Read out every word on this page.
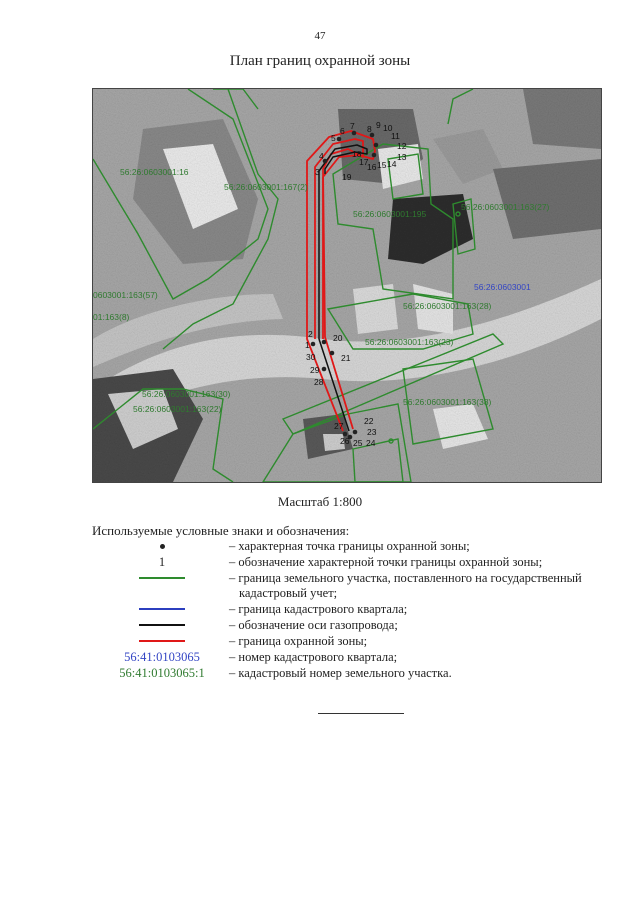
47
План границ охранной зоны
56:26:0603001:16
56:26:0603001:167(2)
56:26:0603001:195
56:26:0603001:163(27)
0603001:163(57)
01:163(8)
56:26:0603001:163(28)
56:26:0603001:163(23)
56:26:0603001:163(30)
56:26:0603001:163(22)
56:26:0603001:163(38)
56:26:0603001
1
2
3
4
5
6 7 8 9 10
11
12
13
14
15
16
17
18
19
20
21
22
23
24
25
26
27
28
29
30
Масштаб 1:800
Используемые условные знаки и обозначения:
– характерная точка границы охранной зоны;
1	– обозначение характерной точки границы охранной зоны;
– граница земельного участка, поставленного на государственный
кадастровый учет;
– граница кадастрового квартала;
– обозначение оси газопровода;
– граница охранной зоны;
56:41:0103065	– номер кадастрового квартала;
56:41:0103065:1	– кадастровый номер земельного участка.
